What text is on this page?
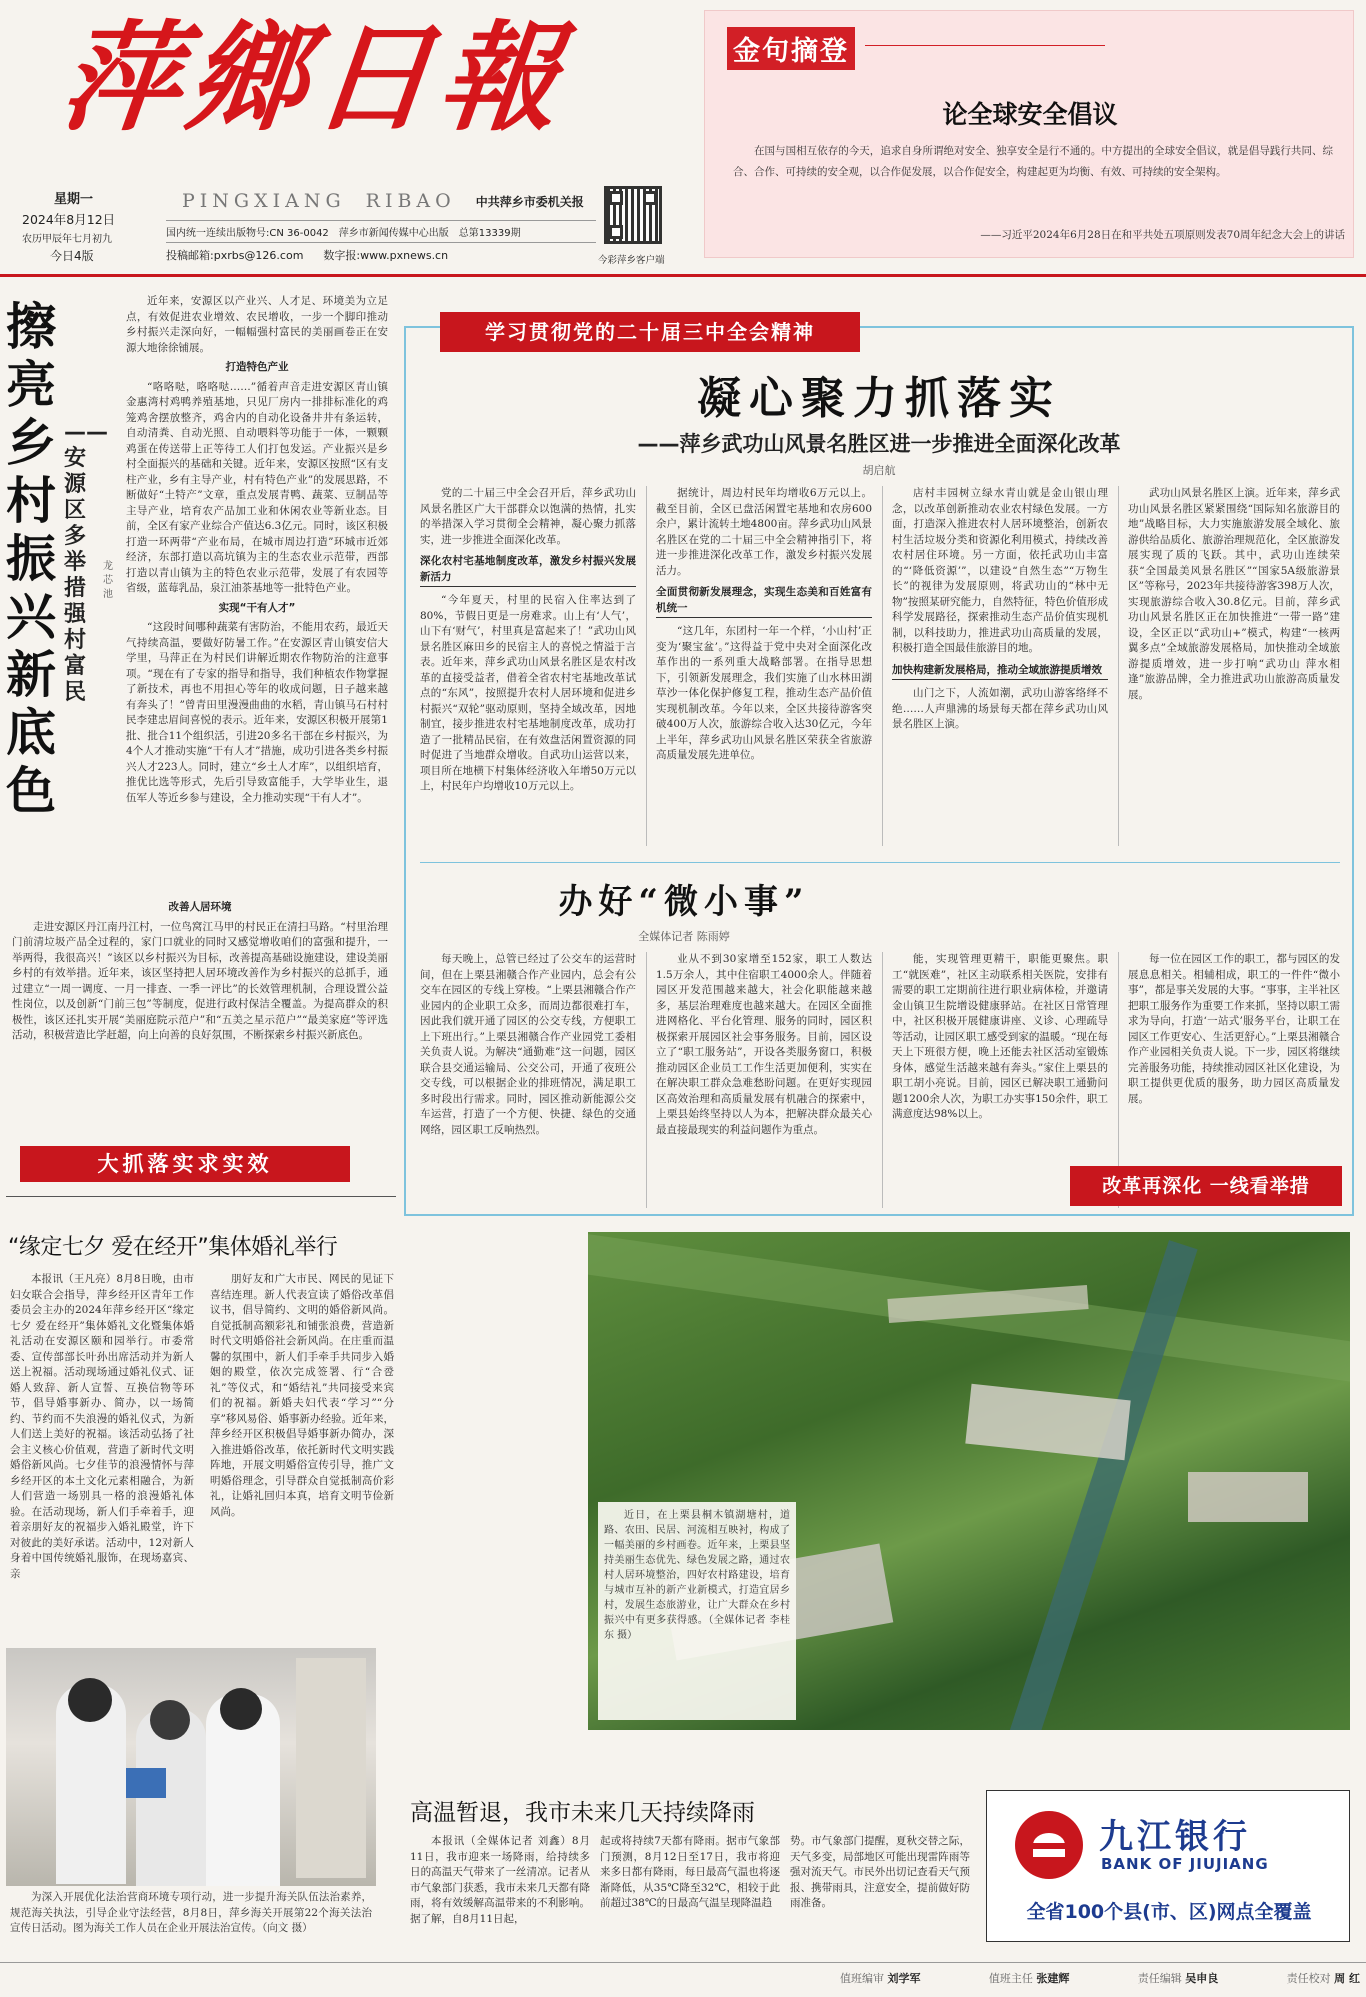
萍鄉日報
星期一
2024年8月12日
农历甲辰年七月初九
今日4版
PINGXIANG RIBAO 中共萍乡市委机关报
国内统一连续出版物号:CN 36-0042 萍乡市新闻传媒中心出版 总第13339期
投稿邮箱:pxrbs@126.com 数字报:www.pxnews.cn	今彩萍乡客户端
金句摘登
论全球安全倡议
在国与国相互依存的今天，追求自身所谓绝对安全、独享安全是行不通的。中方提出的全球安全倡议，就是倡导践行共同、综合、合作、可持续的安全观，以合作促发展，以合作促安全，构建起更为均衡、有效、可持续的安全架构。
——习近平2024年6月28日在和平共处五项原则发表70周年纪念大会上的讲话
擦亮乡村振兴新底色
——安源区多举措强村富民
龙芯池

近年来，安源区以产业兴、人才足、环境美为立足点，有效促进农业增效、农民增收，一步一个脚印推动乡村振兴走深向好，一幅幅强村富民的美丽画卷正在安源大地徐徐铺展。

打造特色产业

“咯咯哒，咯咯哒……”循着声音走进安源区青山镇金惠湾村鸡鸭养殖基地，只见厂房内一排排标准化的鸡笼鸡舍摆放整齐，鸡舍内的自动化设备井井有条运转，自动清粪、自动光照、自动喂料等功能于一体，一颗颗鸡蛋在传送带上正等待工人们打包发运。产业振兴是乡村全面振兴的基础和关键。近年来，安源区按照“区有支柱产业，乡有主导产业，村有特色产业”的发展思路，不断做好“土特产”文章，重点发展青鸭、蔬菜、豆制品等主导产业，培育农产品加工业和休闲农业等新业态。目前，全区有家产业综合产值达6.3亿元。同时，该区积极打造一环两带“产业布局，在城市周边打造”环城市近郊经济，东部打造以高坑镇为主的生态农业示范带，西部打造以青山镇为主的特色农业示范带，发展了有农园等省级，蓝莓乳品，泉江油茶基地等一批特色产业。

实现“干有人才”

“这段时间哪种蔬菜有害防治，不能用农药，最近天气持续高温，要做好防暑工作。”在安源区青山镇安信大学里，马萍正在为村民们讲解近期农作物防治的注意事项。“现在有了专家的指导和指导，我们种植农作物掌握了新技术，再也不用担心等年的收成问题，日子越来越有奔头了！”曾青田里漫漫曲曲的水稻，青山镇马石村村民李建忠眉间喜悦的表示。近年来，安源区积极开展第1批、批合11个组织活，引进20多名干部在乡村振兴，为4个人才推动实施“干有人才”措施，成功引进各类乡村振兴人才223人。同时，建立“乡土人才库”，以组织培育，推优比选等形式，先后引导致富能手，大学毕业生，退伍军人等近乡参与建设，全力推动实现“干有人才”。

改善人居环境

走进安源区丹江南丹江村，一位鸟窝江马甲的村民正在清扫马路。“村里治理门前清垃圾产品全过程的，家门口就业的同时又感觉增收咱们的富强和提升，一举两得，我很高兴！”该区以乡村振兴为目标，改善提高基础设施建设，建设美丽乡村的有效举措。近年来，该区坚持把人居环境改善作为乡村振兴的总抓手，通过建立“一周一调度、一月一排查、一季一评比”的长效管理机制，合理设置公益性岗位，以及创新“门前三包”等制度，促进行政村保洁全覆盖。为提高群众的积极性，该区还扎实开展“美丽庭院示范户”和“五美之星示范户”“最美家庭”等评选活动，积极营造比学赶超，向上向善的良好氛围，不断探索乡村振兴新底色。

大抓落实求实效
学习贯彻党的二十届三中全会精神
凝心聚力抓落实
——萍乡武功山风景名胜区进一步推进全面深化改革
胡启航

党的二十届三中全会召开后，萍乡武功山风景名胜区广大干部群众以饱满的热情，扎实的举措深入学习贯彻全会精神，凝心聚力抓落实，进一步推进全面深化改革。

深化农村宅基地制度改革，激发乡村振兴发展新活力

“今年夏天，村里的民宿入住率达到了80%，节假日更是一房难求。山上有‘人气’，山下有‘财气’，村里真是富起来了！”武功山风景名胜区麻田乡的民宿主人的喜悦之情溢于言表。近年来，萍乡武功山风景名胜区是农村改革的直接受益者，借着全省农村宅基地改革试点的“东风”，按照提升农村人居环境和促进乡村振兴“双轮”驱动原则，坚持全域改革，因地制宜，接步推进农村宅基地制度改革，成功打造了一批精品民宿，在有效盘活闲置资源的同时促进了当地群众增收。自武功山运营以来，项目所在地横下村集体经济收入年增50万元以上，村民年户均增收10万元以上。

据统计，周边村民年均增收6万元以上。截至目前，全区已盘活闲置宅基地和农房600余户，累计流转土地4800亩。萍乡武功山风景名胜区在党的二十届三中全会精神指引下，将进一步推进深化改革工作，激发乡村振兴发展活力。

全面贯彻新发展理念，实现生态美和百姓富有机统一

“这几年，东团村一年一个样，‘小山村’正变为‘聚宝盆’。”这得益于党中央对全面深化改革作出的一系列重大战略部署。在指导思想下，引领新发展理念，我们实施了山水林田湖草沙一体化保护修复工程，推动生态产品价值实现机制改革。今年以来，全区共接待游客突破400万人次，旅游综合收入达30亿元，今年上半年，萍乡武功山风景名胜区荣获全省旅游高质量发展先进单位。

店村丰园树立绿水青山就是金山银山理念，以改革创新推动农业农村绿色发展。一方面，打造深入推进农村人居环境整治，创新农村生活垃圾分类和资源化利用模式，持续改善农村居住环境。另一方面，依托武功山丰富的“‘降低资源’”，以建设“自然生态”“万物生长”的视律为发展原则，将武功山的“林中无物”按照某研究能力，自然特征，特色价值形成科学发展路径，探索推动生态产品价值实现机制，以科技助力，推进武功山高质量的发展，积极打造全国最佳旅游目的地。

加快构建新发展格局，推动全域旅游提质增效

山门之下，人流如潮，武功山游客络绎不绝……人声鼎沸的场景每天都在萍乡武功山风景名胜区上演。

武功山风景名胜区上演。近年来，萍乡武功山风景名胜区紧紧围绕“国际知名旅游目的地”战略目标，大力实施旅游发展全域化、旅游供给品质化、旅游治理规范化，全区旅游发展实现了质的飞跃。其中，武功山连续荣获“全国最美风景名胜区”“国家5A级旅游景区”等称号，2023年共接待游客398万人次，实现旅游综合收入30.8亿元。目前，萍乡武功山风景名胜区正在加快推进“一带一路”建设，全区正以“武功山+”模式，构建“一核两翼多点”全域旅游发展格局，加快推动全域旅游提质增效，进一步打响“武功山 萍水相逢”旅游品牌，全力推进武功山旅游高质量发展。

办好“微小事”
全媒体记者 陈雨婷

每天晚上，总管已经过了公交车的运营时间，但在上栗县湘赣合作产业园内，总会有公交车在园区的专线上穿梭。“上栗县湘赣合作产业园内的企业职工众多，而周边都很难打车，因此我们就开通了园区的公交专线，方便职工上下班出行。”上栗县湘赣合作产业园党工委相关负责人说。为解决“通勤难”这一问题，园区联合县交通运输局、公交公司，开通了夜班公交专线，可以根据企业的排班情况，满足职工多时段出行需求。同时，园区推动新能源公交车运营，打造了一个方便、快捷、绿色的交通网络，园区职工反响热烈。

业从不到30家增至152家，职工人数达1.5万余人，其中住宿职工4000余人。伴随着园区开发范围越来越大，社会化职能越来越多，基层治理难度也越来越大。在园区全面推进网格化、平台化管理、服务的同时，园区积极探索开展园区社会事务服务。目前，园区设立了“职工服务站”，开设各类服务窗口，积极推动园区企业员工工作生活更加便利，实实在在解决职工群众急难愁盼问题。在更好实现园区高效治理和高质量发展有机融合的探索中，上栗县始终坚持以人为本，把解决群众最关心最直接最现实的利益问题作为重点。

能，实现管理更精干，职能更聚焦。职工“就医难”，社区主动联系相关医院，安排有需要的职工定期前往进行职业病体检，并邀请金山镇卫生院增设健康驿站。在社区日常管理中，社区积极开展健康讲座、义诊、心理疏导等活动，让园区职工感受到家的温暖。“现在每天上下班很方便，晚上还能去社区活动室锻炼身体，感觉生活越来越有奔头。”家住上栗县的职工胡小亮说。目前，园区已解决职工通勤问题1200余人次，为职工办实事150余件，职工满意度达98%以上。

每一位在园区工作的职工，都与园区的发展息息相关。相辅相成，职工的一件件“微小事”，都是事关发展的大事。“事事，主半社区把职工服务作为重要工作来抓，坚持以职工需求为导向，打造‘一站式’服务平台，让职工在园区工作更安心、生活更舒心。”上栗县湘赣合作产业园相关负责人说。下一步，园区将继续完善服务功能，持续推动园区社区化建设，为职工提供更优质的服务，助力园区高质量发展。

改革再深化 一线看举措
“缘定七夕 爱在经开”集体婚礼举行

本报讯（王凡亮）8月8日晚，由市妇女联合会指导，萍乡经开区青年工作委员会主办的2024年萍乡经开区“缘定七夕 爱在经开”集体婚礼文化暨集体婚礼活动在安源区颐和园举行。市委常委、宣传部部长叶孙出席活动并为新人送上祝福。活动现场通过婚礼仪式、证婚人致辞、新人宣誓、互换信物等环节，倡导婚事新办、简办，以一场简约、节约而不失浪漫的婚礼仪式，为新人们送上美好的祝福。该活动弘扬了社会主义核心价值观，营造了新时代文明婚俗新风尚。七夕佳节的浪漫情怀与萍乡经开区的本土文化元素相融合，为新人们营造一场别具一格的浪漫婚礼体验。在活动现场，新人们手牵着手，迎着亲朋好友的祝福步入婚礼殿堂，许下对彼此的美好承诺。活动中，12对新人身着中国传统婚礼服饰，在现场嘉宾、亲

朋好友和广大市民、网民的见证下喜结连理。新人代表宣读了婚俗改革倡议书，倡导简约、文明的婚俗新风尚。自觉抵制高额彩礼和铺张浪费，营造新时代文明婚俗社会新风尚。在庄重而温馨的氛围中，新人们手牵手共同步入婚姻的殿堂，依次完成签署、行“合卺礼”等仪式，和“婚结礼”共同接受来宾们的祝福。新婚夫妇代表“学习”“分享”移风易俗、婚事新办经验。近年来，萍乡经开区积极倡导婚事新办简办，深入推进婚俗改革，依托新时代文明实践阵地，开展文明婚俗宣传引导，推广文明婚俗理念，引导群众自觉抵制高价彩礼，让婚礼回归本真，培育文明节俭新风尚。

为深入开展优化法治营商环境专项行动，进一步提升海关队伍法治素养，规范海关执法，引导企业守法经营，8月8日，萍乡海关开展第22个海关法治宣传日活动。图为海关工作人员在企业开展法治宣传。（向文 摄）
近日，在上栗县桐木镇湖塘村，道路、农田、民居、河流相互映衬，构成了一幅美丽的乡村画卷。近年来，上栗县坚持美丽生态优先、绿色发展之路，通过农村人居环境整治，四好农村路建设，培育与城市互补的新产业新模式，打造宜居乡村，发展生态旅游业，让广大群众在乡村振兴中有更多获得感。（全媒体记者 李桂东 摄）
高温暂退，我市未来几天持续降雨

本报讯（全媒体记者 刘鑫）8月11日，我市迎来一场降雨，给持续多日的高温天气带来了一丝清凉。记者从市气象部门获悉，我市未来几天都有降雨，将有效缓解高温带来的不利影响。据了解，自8月11日起，

起或将持续7天都有降雨。据市气象部门预测，8月12日至17日，我市将迎来多日都有降雨，每日最高气温也将逐渐降低，从35℃降至32℃，相较于此前超过38℃的日最高气温呈现降温趋

势。市气象部门提醒，夏秋交替之际，天气多变，局部地区可能出现雷阵雨等强对流天气。市民外出切记查看天气预报、携带雨具，注意安全，提前做好防雨准备。

九江银行
BANK OF JIUJIANG
全省100个县(市、区)网点全覆盖
值班编审 刘学军	值班主任 张建辉	责任编辑 吴申良	责任校对 周 红
